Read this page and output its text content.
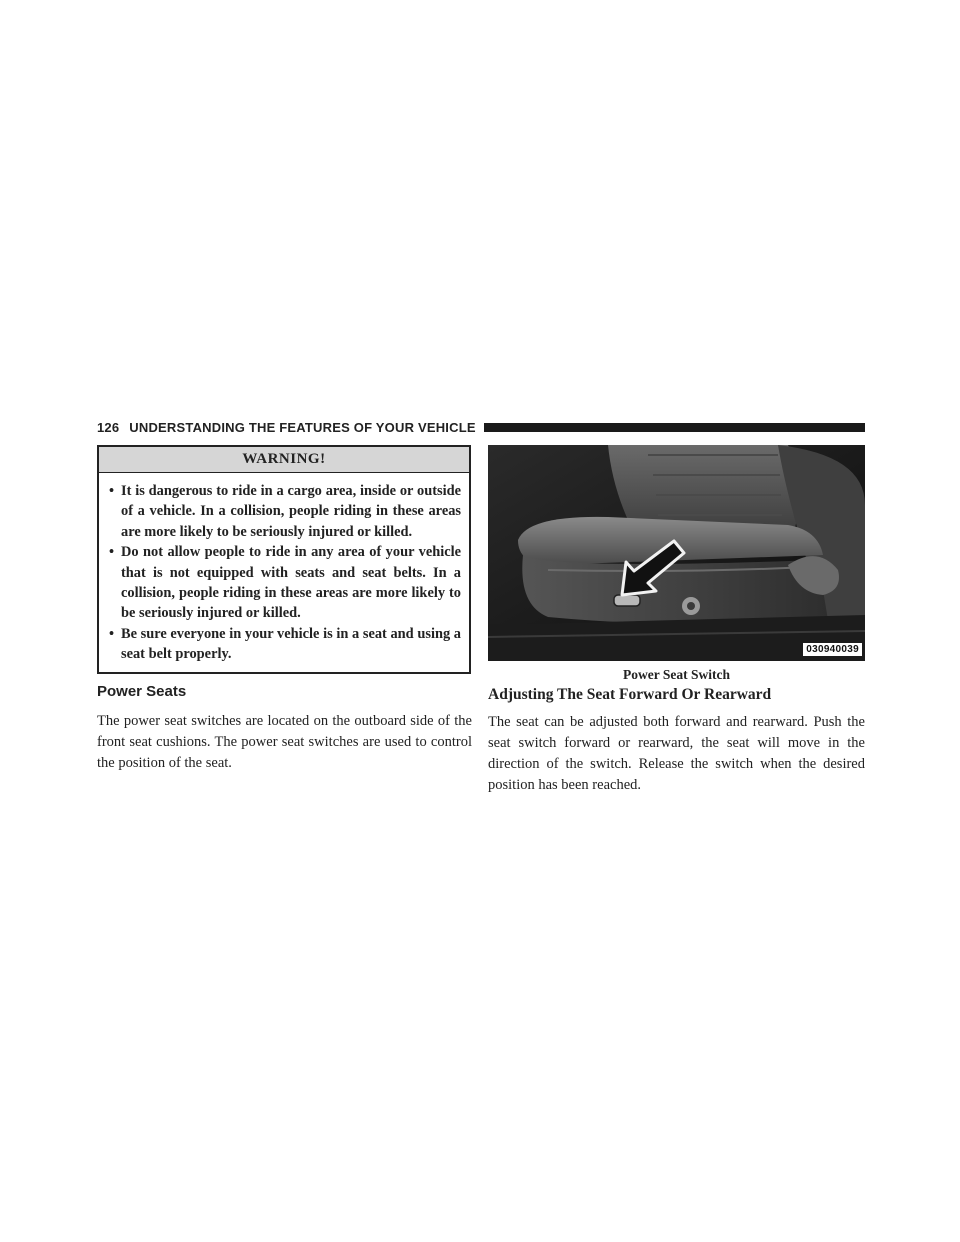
126 UNDERSTANDING THE FEATURES OF YOUR VEHICLE
WARNING!
• It is dangerous to ride in a cargo area, inside or outside of a vehicle. In a collision, people riding in these areas are more likely to be seriously injured or killed.
• Do not allow people to ride in any area of your vehicle that is not equipped with seats and seat belts. In a collision, people riding in these areas are more likely to be seriously injured or killed.
• Be sure everyone in your vehicle is in a seat and using a seat belt properly.
Power Seats

The power seat switches are located on the outboard side of the front seat cushions. The power seat switches are used to control the position of the seat.

030940039
Power Seat Switch
Adjusting The Seat Forward Or Rearward

The seat can be adjusted both forward and rearward. Push the seat switch forward or rearward, the seat will move in the direction of the switch. Release the switch when the desired position has been reached.
